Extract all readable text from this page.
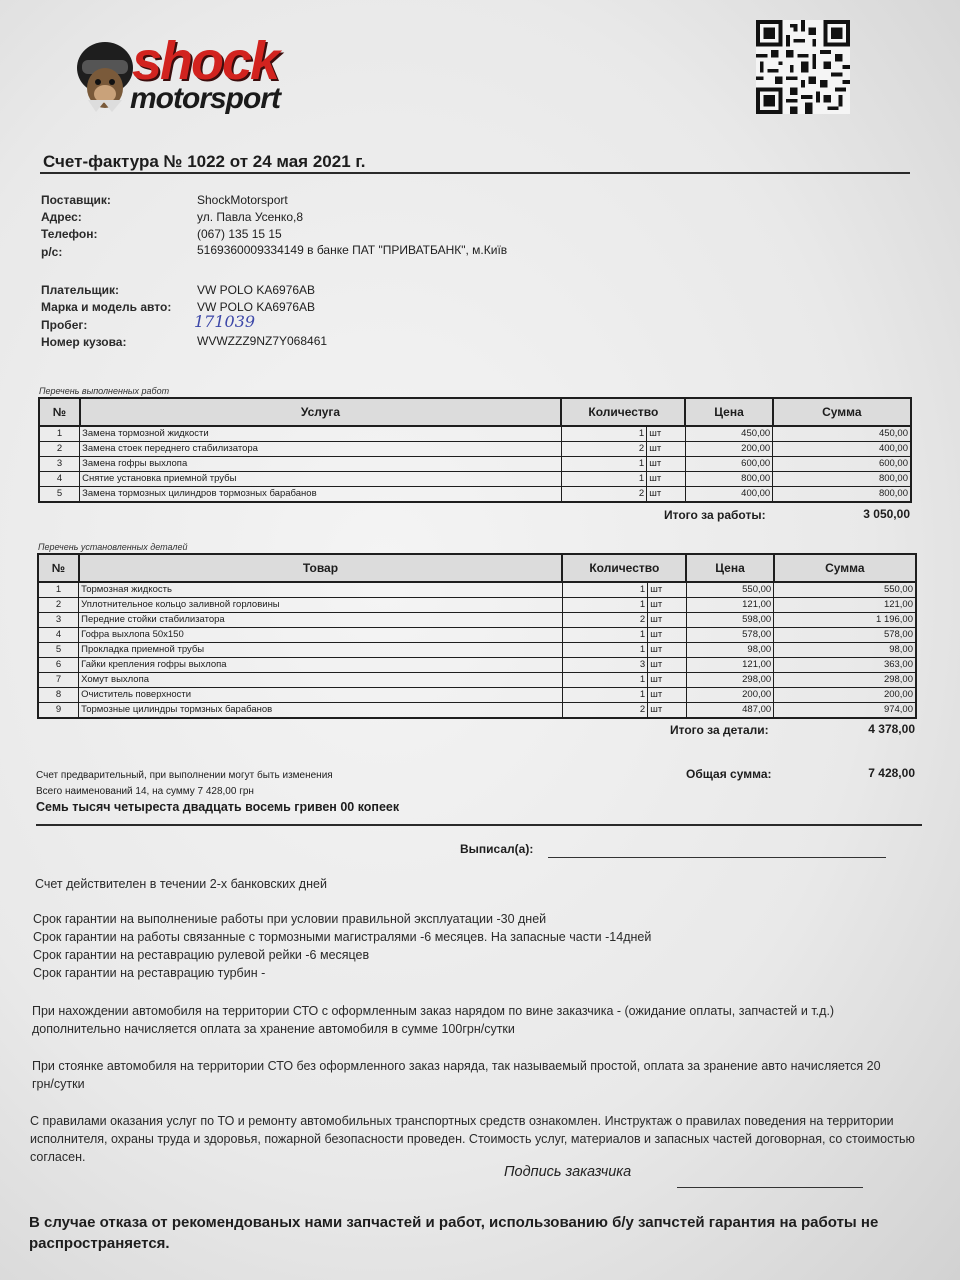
shock
motorsport
Счет-фактура № 1022 от 24 мая 2021 г.
Поставщик:	ShockMotorsport
Адрес:	ул. Павла Усенко,8
Телефон:	(067) 135 15 15
р/с:	5169360009334149 в банке ПАТ "ПРИВАТБАНК", м.Київ
Плательщик:	VW POLO KA6976AB
Марка и модель авто: VW POLO KA6976AB
Пробег:	171039
Номер кузова:	WVWZZZ9NZ7Y068461
Перечень выполненных работ
№	Услуга	Количество		Цена	Сумма
1	Замена тормозной жидкости	1	шт	450,00	450,00
2	Замена стоек переднего стабилизатора	2	шт	200,00	400,00
3	Замена гофры выхлопа	1	шт	600,00	600,00
4	Снятие установка приемной трубы	1	шт	800,00	800,00
5	Замена тормозных цилиндров тормозных барабанов	2	шт	400,00	800,00
Итого за работы:	3 050,00
Перечень установленных деталей
№	Товар	Количество		Цена	Сумма
1	Тормозная жидкость	1	шт	550,00	550,00
2	Уплотнительное кольцо заливной горловины	1	шт	121,00	121,00
3	Передние стойки стабилизатора	2	шт	598,00	1 196,00
4	Гофра выхлопа 50х150	1	шт	578,00	578,00
5	Прокладка приемной трубы	1	шт	98,00	98,00
6	Гайки крепления гофры выхлопа	3	шт	121,00	363,00
7	Хомут выхлопа	1	шт	298,00	298,00
8	Очиститель поверхности	1	шт	200,00	200,00
9	Тормозные цилиндры тормзных барабанов	2	шт	487,00	974,00
Итого за детали:	4 378,00
Счет предварительный, при выполнении могут быть изменения
Всего наименований 14, на сумму 7 428,00 грн
Семь тысяч четыреста двадцать восемь гривен 00 копеек
Общая сумма:	7 428,00
Выписал(а):
Счет действителен в течении 2-х банковских дней
Срок гарантии на выполнениые работы при условии правильной эксплуатации -30 дней
Срок гарантии на работы связанные с тормозными магистралями -6 месяцев. На запасные части -14дней
Срок гарантии на реставрацию рулевой рейки -6 месяцев
Срок гарантии на реставрацию турбин -
При нахождении автомобиля на территории СТО с оформленным заказ нарядом по вине заказчика - (ожидание оплаты, запчастей и т.д.) дополнительно начисляется оплата за хранение автомобиля в сумме 100грн/сутки
При стоянке автомобиля на территории СТО без оформленного заказ наряда, так называемый простой, оплата за зранение авто начисляется 20 грн/сутки
С правилами оказания услуг по ТО и ремонту автомобильных транспортных средств ознакомлен. Инструктаж о правилах поведения на территории исполнителя, охраны труда и здоровья, пожарной безопасности проведен. Стоимость услуг, материалов и запасных частей договорная, со стоимостью согласен.
Подпись заказчика
В случае отказа от рекомендованых нами запчастей и работ, использованию б/у запчстей гарантия на работы не распространяется.
